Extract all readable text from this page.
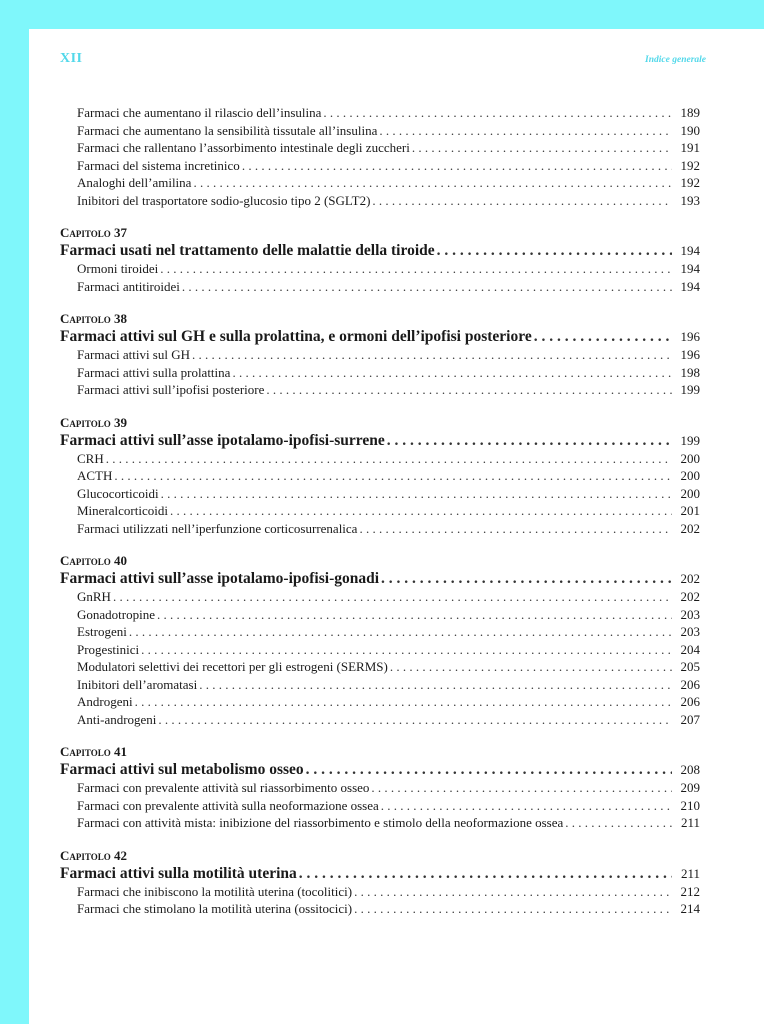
XII	Indice generale
Farmaci che aumentano il rilascio dell’insulina . . .	189
Farmaci che aumentano la sensibilità tissutale all’insulina . . .	190
Farmaci che rallentano l’assorbimento intestinale degli zuccheri . . .	191
Farmaci del sistema incretinico . . .	192
Analoghi dell’amilina . . .	192
Inibitori del trasportatore sodio-glucosio tipo 2 (SGLT2) . . .	193
Capitolo 37
Farmaci usati nel trattamento delle malattie della tiroide . . .	194
Ormoni tiroidei . . .	194
Farmaci antitiroidei . . .	194
Capitolo 38
Farmaci attivi sul GH e sulla prolattina, e ormoni dell’ipofisi posteriore . . .	196
Farmaci attivi sul GH . . .	196
Farmaci attivi sulla prolattina . . .	198
Farmaci attivi sull’ipofisi posteriore . . .	199
Capitolo 39
Farmaci attivi sull’asse ipotalamo-ipofisi-surrene . . .	199
CRH . . .	200
ACTH . . .	200
Glucocorticoidi . . .	200
Mineralcorticoidi . . .	201
Farmaci utilizzati nell’iperfunzione corticosurrenalica . . .	202
Capitolo 40
Farmaci attivi sull’asse ipotalamo-ipofisi-gonadi . . .	202
GnRH . . .	202
Gonadotropine . . .	203
Estrogeni . . .	203
Progestinici . . .	204
Modulatori selettivi dei recettori per gli estrogeni (SERMS) . . .	205
Inibitori dell’aromatasi . . .	206
Androgeni . . .	206
Anti-androgeni . . .	207
Capitolo 41
Farmaci attivi sul metabolismo osseo . . .	208
Farmaci con prevalente attività sul riassorbimento osseo . . .	209
Farmaci con prevalente attività sulla neoformazione ossea . . .	210
Farmaci con attività mista: inibizione del riassorbimento e stimolo della neoformazione ossea . . .	211
Capitolo 42
Farmaci attivi sulla motilità uterina . . .	211
Farmaci che inibiscono la motilità uterina (tocolitici) . . .	212
Farmaci che stimolano la motilità uterina (ossitocici) . . .	214
